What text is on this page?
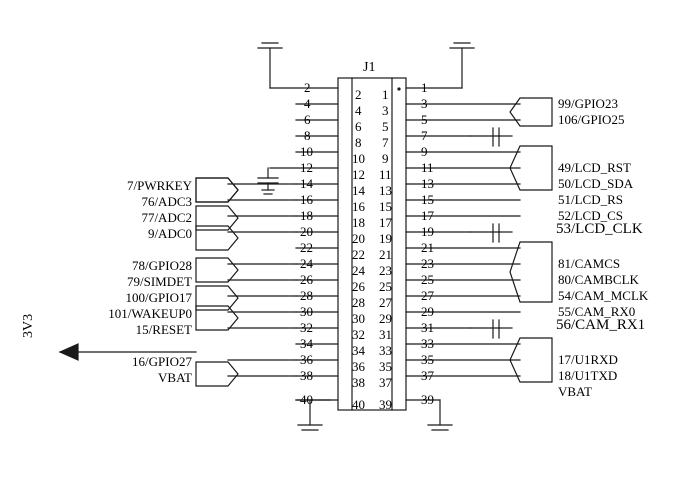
J1
3V3
2
4
6
8
10
12
14
16
18
20
22
24
26
28
30
32
34
36
38
40
1
3
5
7
9
11
13
15
17
19
21
23
25
27
29
31
33
35
37
39
2
4
6
8
10
12
14
16
18
20
22
24
26
28
30
32
34
36
38
40
1
3
5
7
9
11
13
15
17
19
21
23
25
27
29
31
33
35
37
39
7/PWRKEY
76/ADC3
77/ADC2
9/ADC0
78/GPIO28
79/SIMDET
100/GPIO17
101/WAKEUP0
15/RESET
16/GPIO27
VBAT
99/GPIO23
106/GPIO25
49/LCD_RST
50/LCD_SDA
51/LCD_RS
52/LCD_CS
53/LCD_CLK
81/CAMCS
80/CAMBCLK
54/CAM_MCLK
55/CAM_RX0
56/CAM_RX1
17/U1RXD
18/U1TXD
VBAT
